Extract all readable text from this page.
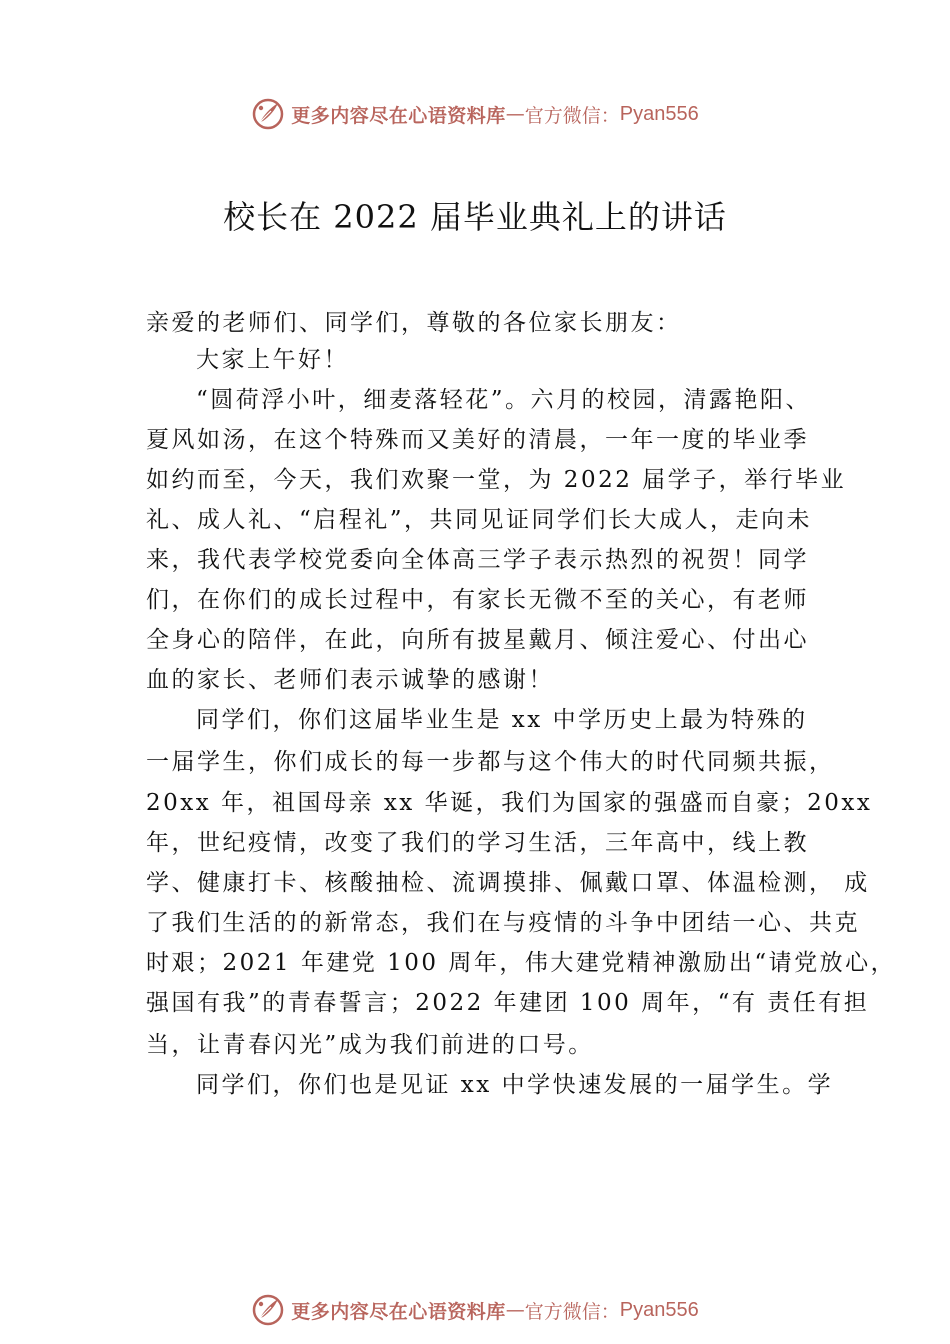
更多内容尽在心语资料库 — 官方微信： Pyan556
校长在 2022 届毕业典礼上的讲话
亲爱的老师们、同学们，尊敬的各位家长朋友：
大家上午好！
“圆荷浮小叶，细麦落轻花”。六月的校园，清露艳阳、
夏风如汤，在这个特殊而又美好的清晨，一年一度的毕业季
如约而至，今天，我们欢聚一堂，为 2022 届学子，举行毕业
礼、成人礼、“启程礼”，共同见证同学们长大成人，走向未
来，我代表学校党委向全体高三学子表示热烈的祝贺！同学
们，在你们的成长过程中，有家长无微不至的关心，有老师
全身心的陪伴，在此，向所有披星戴月、倾注爱心、付出心
血的家长、老师们表示诚挚的感谢！
同学们，你们这届毕业生是 xx 中学历史上最为特殊的
一届学生，你们成长的每一步都与这个伟大的时代同频共振，
20xx 年，祖国母亲 xx 华诞，我们为国家的强盛而自豪；20xx
年，世纪疫情，改变了我们的学习生活，三年高中，线上教
学、健康打卡、核酸抽检、流调摸排、佩戴口罩、体温检测， 成
了我们生活的的新常态，我们在与疫情的斗争中团结一心、共克
时艰；2021 年建党 100 周年，伟大建党精神激励出“请党放心，
强国有我”的青春誓言；2022 年建团 100 周年，“有 责任有担
当，让青春闪光”成为我们前进的口号。
同学们，你们也是见证 xx 中学快速发展的一届学生。学
更多内容尽在心语资料库 — 官方微信： Pyan556
